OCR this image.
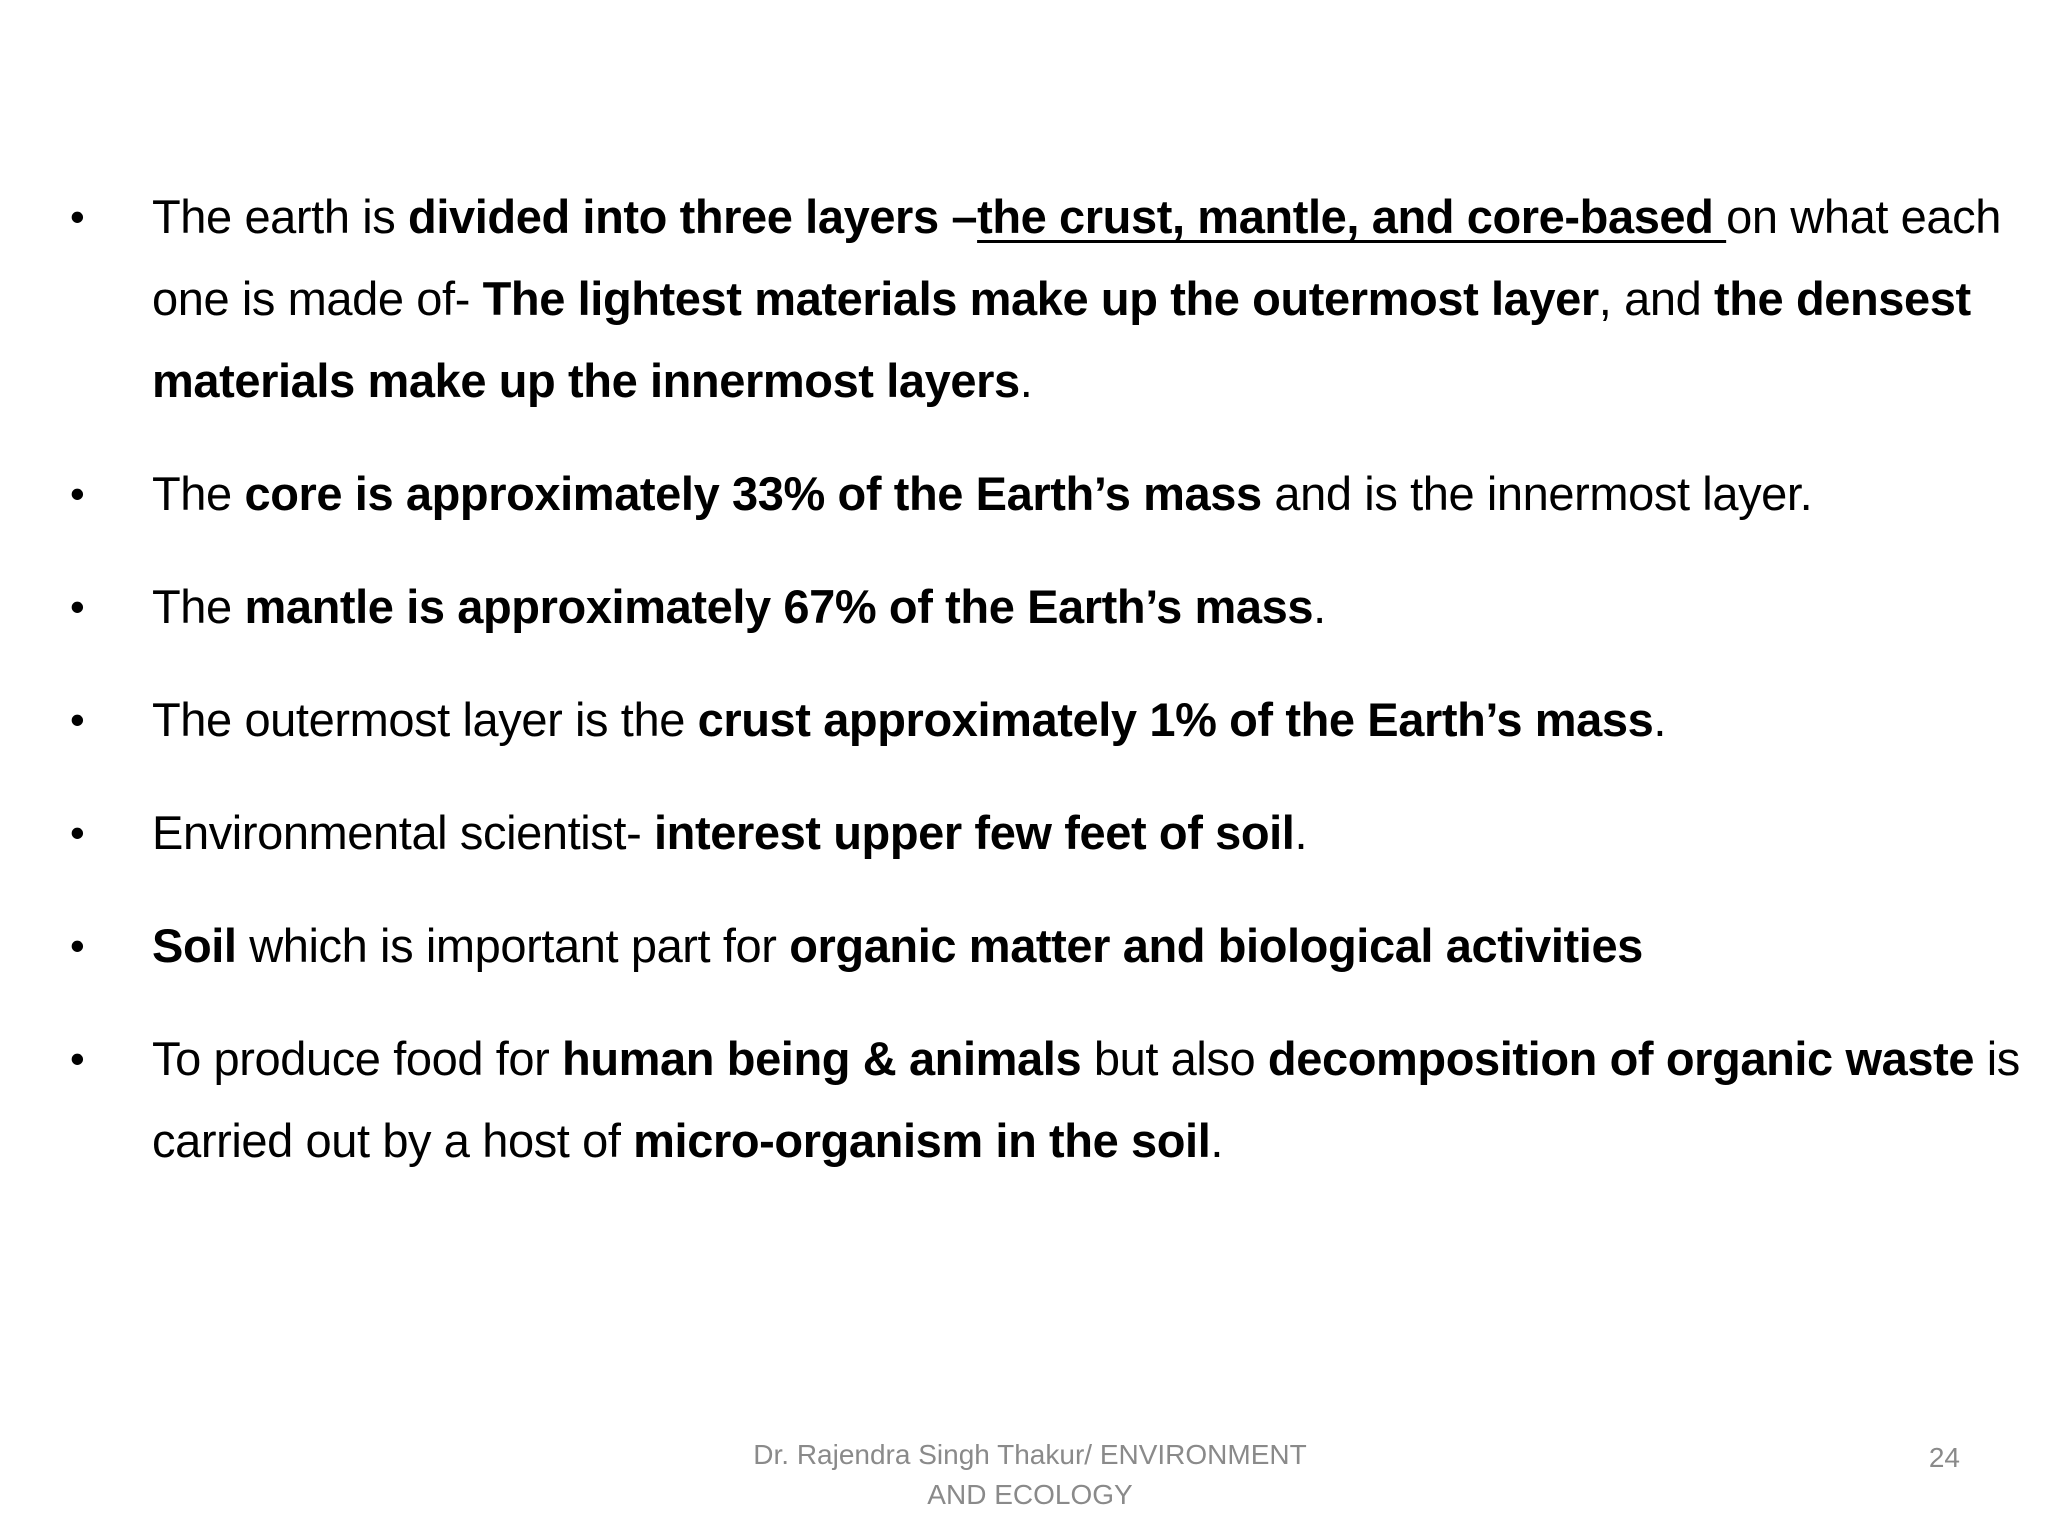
•	The earth is divided into three layers –the crust, mantle, and core-based on what each one is made of- The lightest materials make up the outermost layer, and the densest materials make up the innermost layers.
•	The core is approximately 33% of the Earth’s mass and is the innermost layer.
•	The mantle is approximately 67% of the Earth’s mass.
•	The outermost layer is the crust approximately 1% of the Earth’s mass.
•	Environmental scientist- interest upper few feet of soil.
•	Soil which is important part for organic matter and biological activities
•	To produce food for human being & animals but also decomposition of organic waste is carried out by a host of micro-organism in the soil.
Dr. Rajendra Singh Thakur/ ENVIRONMENT
AND ECOLOGY
24
